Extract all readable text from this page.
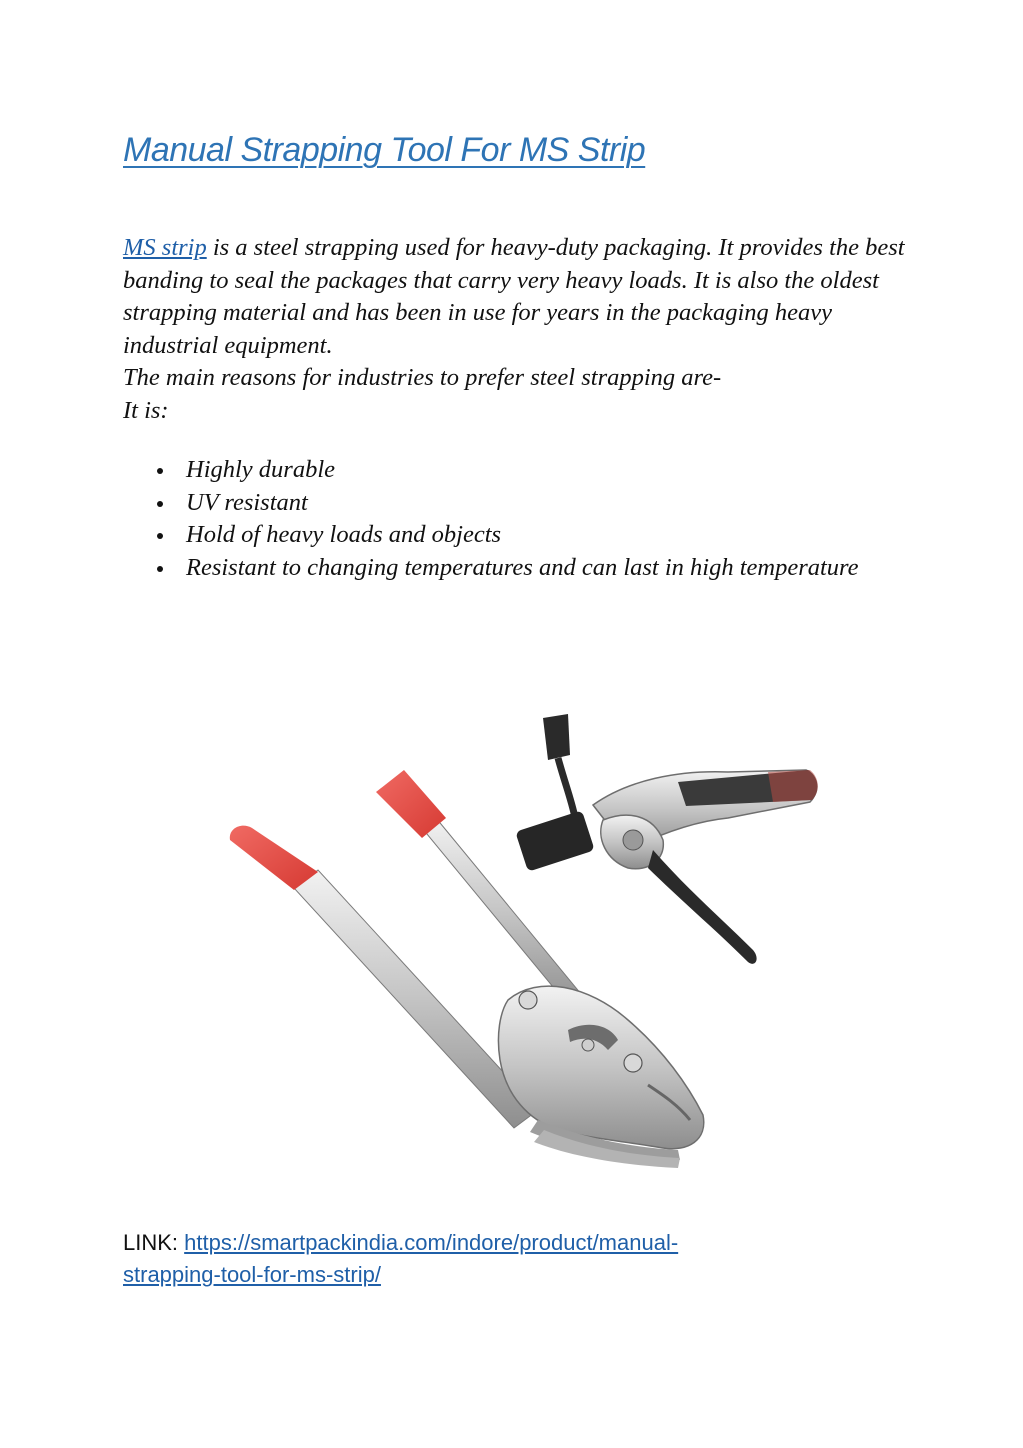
Manual Strapping Tool For MS Strip

MS strip is a steel strapping used for heavy-duty packaging. It provides the best banding to seal the packages that carry very heavy loads. It is also the oldest strapping material and has been in use for years in the packaging heavy industrial equipment.

The main reasons for industries to prefer steel strapping are-

It is:

Highly durable
UV resistant
Hold of heavy loads and objects
Resistant to changing temperatures and can last in high temperature

LINK: https://smartpackindia.com/indore/product/manual-
strapping-tool-for-ms-strip/
